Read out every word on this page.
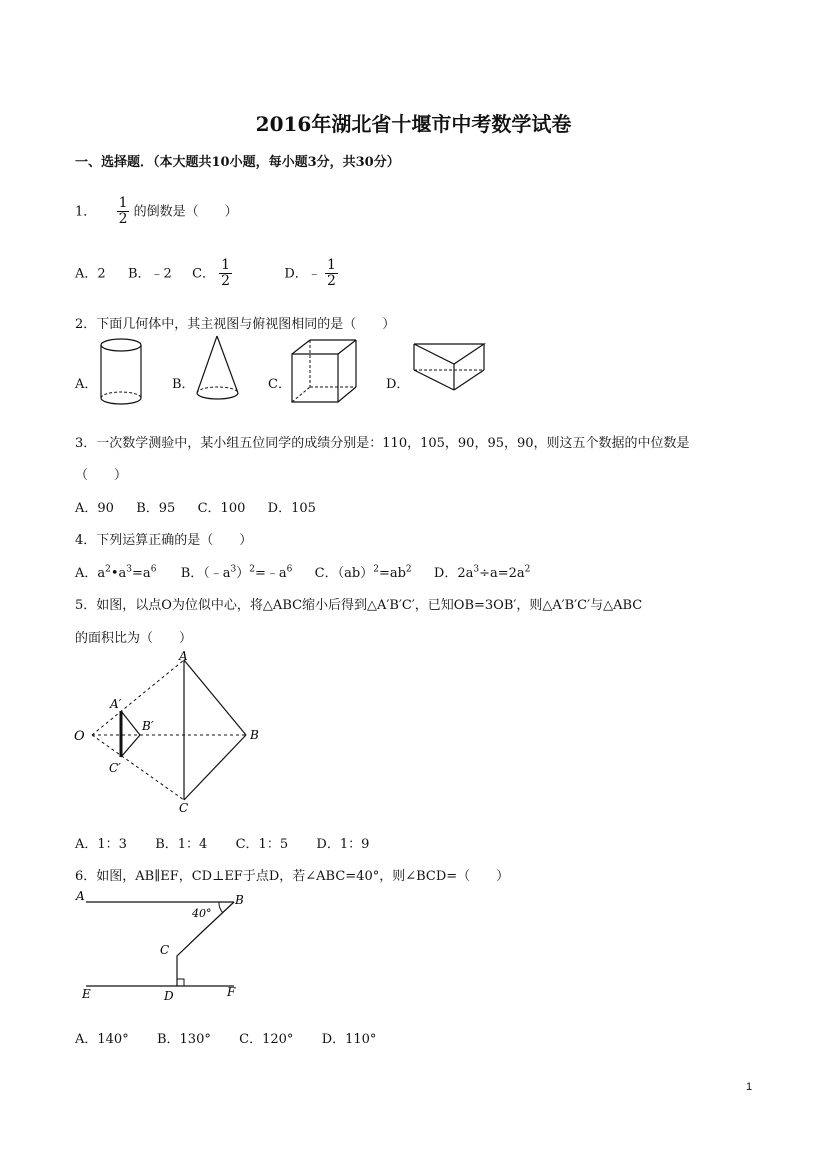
2016年湖北省十堰市中考数学试卷
一、选择题．（本大题共10小题，每小题3分，共30分）
1． $\frac{1}{2}$ 的倒数是（　　）
A．2 B．﹣2 C． $\frac{1}{2}$	D．﹣ $\frac{1}{2}$
2．下面几何体中，其主视图与俯视图相同的是（　　）
A．	B．	C．	D．
3．一次数学测验中，某小组五位同学的成绩分别是：110，105，90，95，90，则这五个数据的中位数是
（　　）
A．90 B．95 C．100 D．105
4．下列运算正确的是（　　）
A．$a^2•a^3=a^6$ B．$(﹣a^3)^2=﹣a^6$ C．$(ab)^2=ab^2$ D．$2a^3\div a=2a^2$
5．如图，以点O为位似中心，将△ABC缩小后得到△A′B′C′，已知OB=3OB′，则△A′B′C′与△ABC
的面积比为（　　）
O
A
B
C
A′
B′
C′
A．1：3 B．1：4 C．1：5 D．1：9
6．如图，AB∥EF，CD⊥EF于点D，若∠ABC=40°，则∠BCD=（　　）
A	B
C
D
E	F
40°
A．140° B．130° C．120° D．110°
1
